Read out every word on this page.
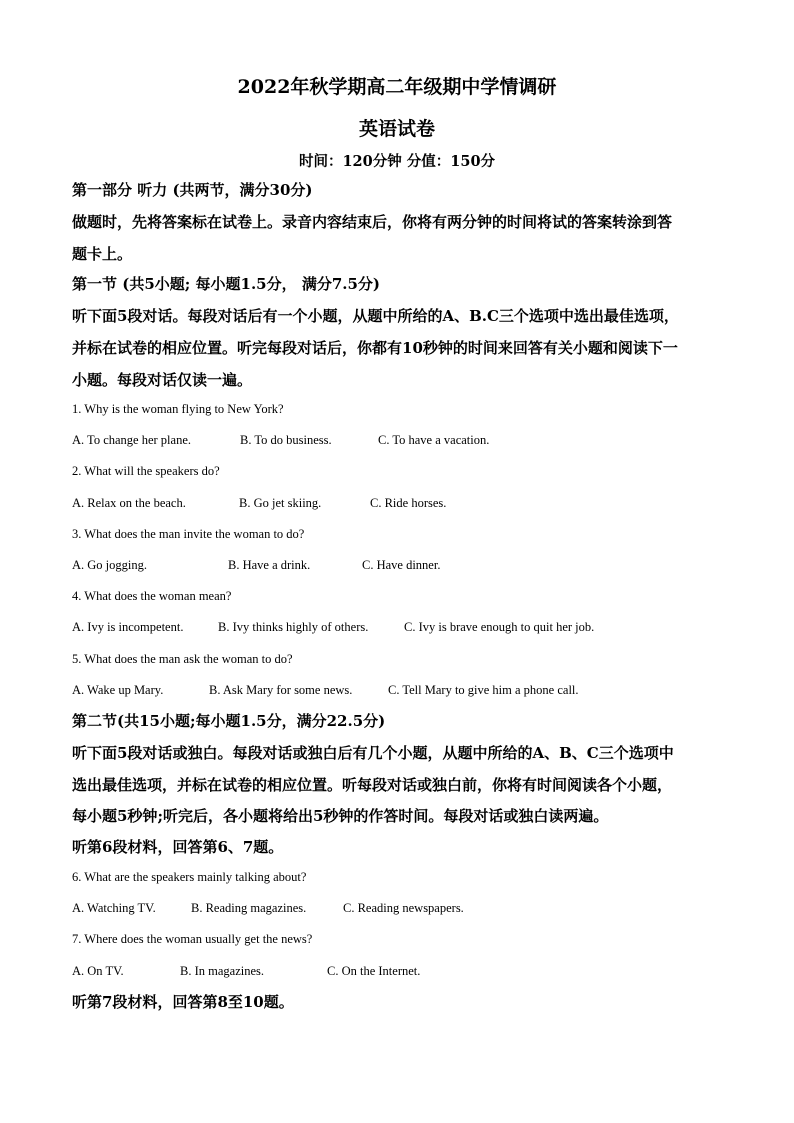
2022年秋学期高二年级期中学情调研
英语试卷
时间：120分钟 分值：150分
第一部分 听力 (共两节，满分30分)
做题时，先将答案标在试卷上。录音内容结束后，你将有两分钟的时间将试的答案转涂到答
题卡上。
第一节 (共5小题; 每小题1.5分， 满分7.5分)
听下面5段对话。每段对话后有一个小题，从题中所给的A、B.C三个选项中选出最佳选项，
并标在试卷的相应位置。听完每段对话后，你都有10秒钟的时间来回答有关小题和阅读下一
小题。每段对话仅读一遍。
1. Why is the woman flying to New York?
A. To change her plane.	B. To do business.	C. To have a vacation.
2. What will the speakers do?
A. Relax on the beach.	B. Go jet skiing.	C. Ride horses.
3. What does the man invite the woman to do?
A. Go jogging.	B. Have a drink.	C. Have dinner.
4. What does the woman mean?
A. Ivy is incompetent.	B. Ivy thinks highly of others.	C. Ivy is brave enough to quit her job.
5. What does the man ask the woman to do?
A. Wake up Mary.	B. Ask Mary for some news.	C. Tell Mary to give him a phone call.
第二节(共15小题;每小题1.5分，满分22.5分)
听下面5段对话或独白。每段对话或独白后有几个小题，从题中所给的A、B、C三个选项中
选出最佳选项，并标在试卷的相应位置。听每段对话或独白前，你将有时间阅读各个小题，
每小题5秒钟;听完后，各小题将给出5秒钟的作答时间。每段对话或独白读两遍。
听第6段材料，回答第6、7题。
6. What are the speakers mainly talking about?
A. Watching TV.	B. Reading magazines.	C. Reading newspapers.
7. Where does the woman usually get the news?
A. On TV.	B. In magazines.	C. On the Internet.
听第7段材料，回答第8至10题。
